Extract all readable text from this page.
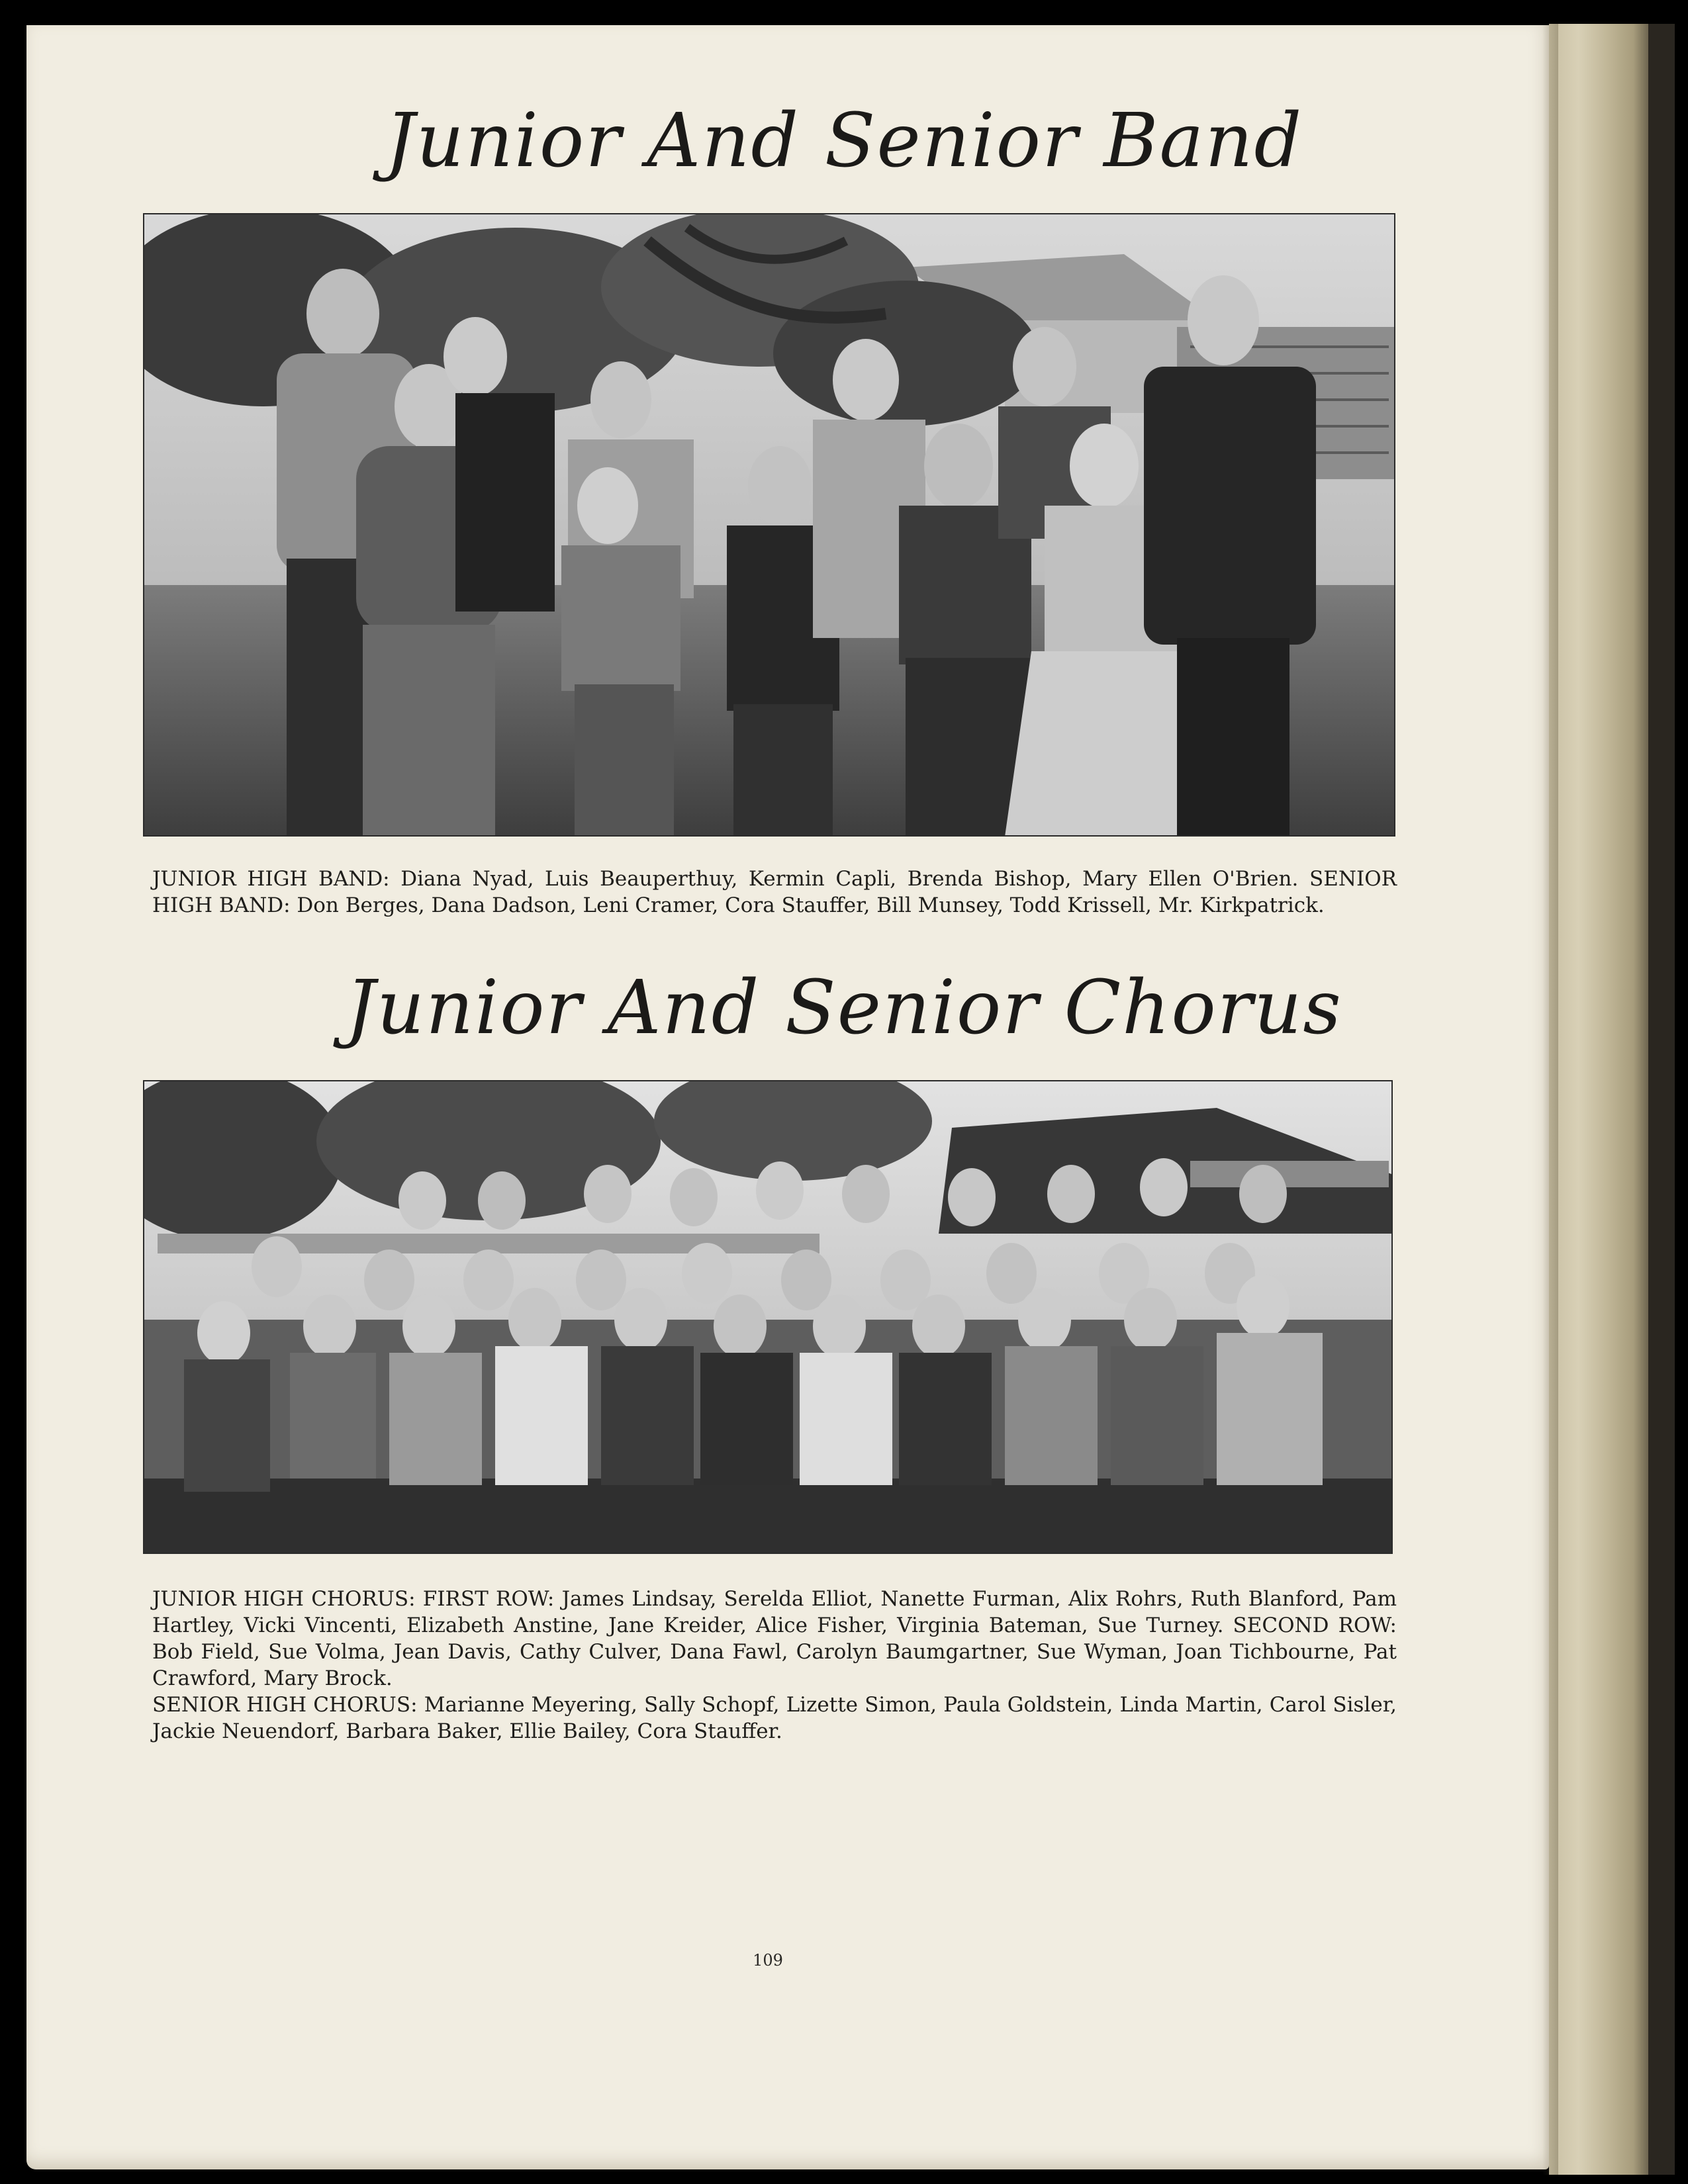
Junior And Senior Band

JUNIOR HIGH BAND: Diana Nyad, Luis Beauperthuy, Kermin Capli, Brenda Bishop, Mary Ellen O'Brien. SENIOR HIGH BAND: Don Berges, Dana Dadson, Leni Cramer, Cora Stauffer, Bill Munsey, Todd Krissell, Mr. Kirkpatrick.

Junior And Senior Chorus

JUNIOR HIGH CHORUS: FIRST ROW: James Lindsay, Serelda Elliot, Nanette Furman, Alix Rohrs, Ruth Blanford, Pam Hartley, Vicki Vincenti, Elizabeth Anstine, Jane Kreider, Alice Fisher, Virginia Bateman, Sue Turney. SECOND ROW: Bob Field, Sue Volma, Jean Davis, Cathy Culver, Dana Fawl, Carolyn Baumgartner, Sue Wyman, Joan Tichbourne, Pat Crawford, Mary Brock.

SENIOR HIGH CHORUS: Marianne Meyering, Sally Schopf, Lizette Simon, Paula Goldstein, Linda Martin, Carol Sisler, Jackie Neuendorf, Barbara Baker, Ellie Bailey, Cora Stauffer.

109
